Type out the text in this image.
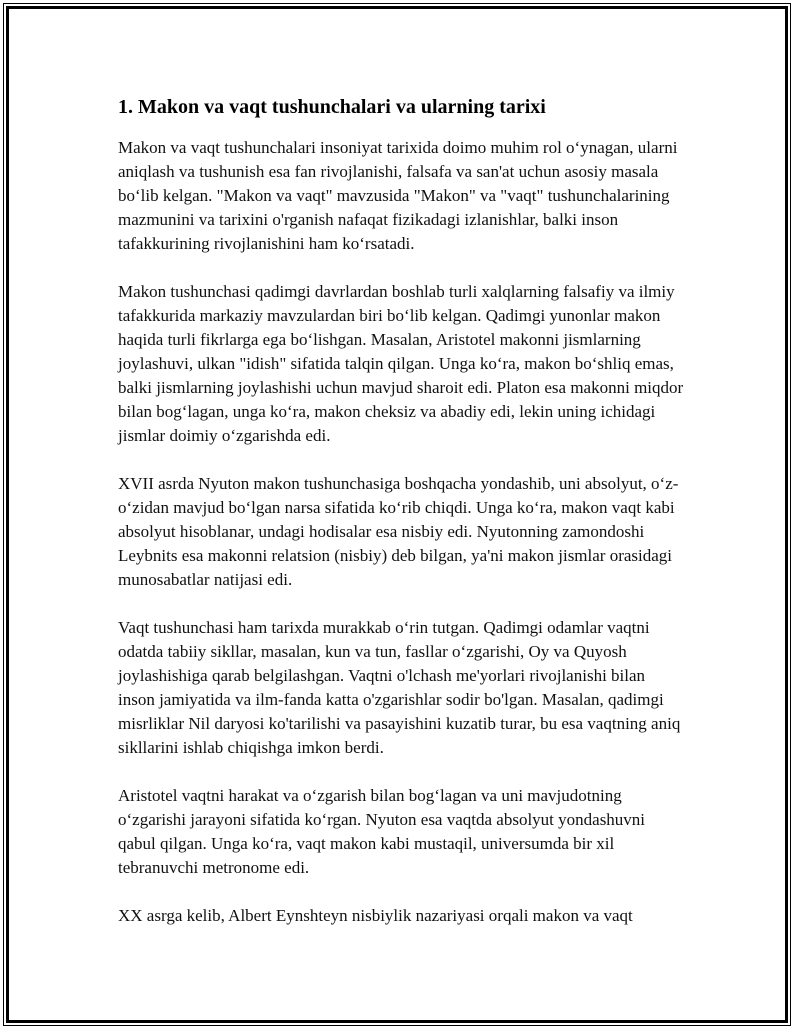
1. Makon va vaqt tushunchalari va ularning tarixi

Makon va vaqt tushunchalari insoniyat tarixida doimo muhim rol o‘ynagan, ularni aniqlash va tushunish esa fan rivojlanishi, falsafa va san'at uchun asosiy masala bo‘lib kelgan. "Makon va vaqt" mavzusida "Makon" va "vaqt" tushunchalarining mazmunini va tarixini o'rganish nafaqat fizikadagi izlanishlar, balki inson tafakkurining rivojlanishini ham ko‘rsatadi.

Makon tushunchasi qadimgi davrlardan boshlab turli xalqlarning falsafiy va ilmiy tafakkurida markaziy mavzulardan biri bo‘lib kelgan. Qadimgi yunonlar makon haqida turli fikrlarga ega bo‘lishgan. Masalan, Aristotel makonni jismlarning joylashuvi, ulkan "idish" sifatida talqin qilgan. Unga ko‘ra, makon bo‘shliq emas, balki jismlarning joylashishi uchun mavjud sharoit edi. Platon esa makonni miqdor bilan bog‘lagan, unga ko‘ra, makon cheksiz va abadiy edi, lekin uning ichidagi jismlar doimiy o‘zgarishda edi.

XVII asrda Nyuton makon tushunchasiga boshqacha yondashib, uni absolyut, o‘z-o‘zidan mavjud bo‘lgan narsa sifatida ko‘rib chiqdi. Unga ko‘ra, makon vaqt kabi absolyut hisoblanar, undagi hodisalar esa nisbiy edi. Nyutonning zamondoshi Leybnits esa makonni relatsion (nisbiy) deb bilgan, ya'ni makon jismlar orasidagi munosabatlar natijasi edi.

Vaqt tushunchasi ham tarixda murakkab o‘rin tutgan. Qadimgi odamlar vaqtni odatda tabiiy sikllar, masalan, kun va tun, fasllar o‘zgarishi, Oy va Quyosh joylashishiga qarab belgilashgan. Vaqtni o'lchash me'yorlari rivojlanishi bilan inson jamiyatida va ilm-fanda katta o'zgarishlar sodir bo'lgan. Masalan, qadimgi misrliklar Nil daryosi ko'tarilishi va pasayishini kuzatib turar, bu esa vaqtning aniq sikllarini ishlab chiqishga imkon berdi.

Aristotel vaqtni harakat va o‘zgarish bilan bog‘lagan va uni mavjudotning o‘zgarishi jarayoni sifatida ko‘rgan. Nyuton esa vaqtda absolyut yondashuvni qabul qilgan. Unga ko‘ra, vaqt makon kabi mustaqil, universumda bir xil tebranuvchi metronome edi.

XX asrga kelib, Albert Eynshteyn nisbiylik nazariyasi orqali makon va vaqt
